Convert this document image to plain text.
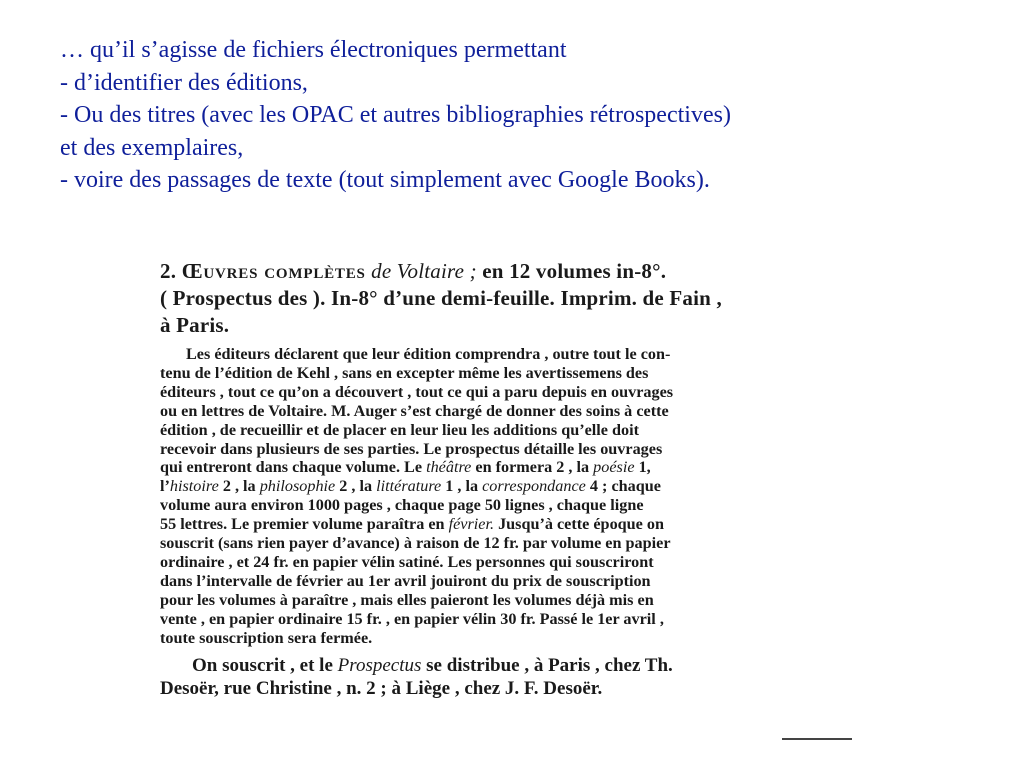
… qu’il s’agisse de fichiers électroniques permettant

- d’identifier des éditions,

- Ou des titres (avec les OPAC et autres bibliographies rétrospectives)

et des exemplaires,

- voire des passages de texte (tout simplement avec Google Books).

2. Œuvres complètes de Voltaire ; en 12 volumes in-8°.
( Prospectus des ). In-8° d’une demi-feuille. Imprim. de Fain ,
à Paris.
Les éditeurs déclarent que leur édition comprendra , outre tout le con-
tenu de l’édition de Kehl , sans en excepter même les avertissemens des
éditeurs , tout ce qu’on a découvert , tout ce qui a paru depuis en ouvrages
ou en lettres de Voltaire. M. Auger s’est chargé de donner des soins à cette
édition , de recueillir et de placer en leur lieu les additions qu’elle doit
recevoir dans plusieurs de ses parties. Le prospectus détaille les ouvrages
qui entreront dans chaque volume. Le théâtre en formera 2 , la poésie 1,
l’histoire 2 , la philosophie 2 , la littérature 1 , la correspondance 4 ; chaque
volume aura environ 1000 pages , chaque page 50 lignes , chaque ligne
55 lettres. Le premier volume paraîtra en février. Jusqu’à cette époque on
souscrit (sans rien payer d’avance) à raison de 12 fr. par volume en papier
ordinaire , et 24 fr. en papier vélin satiné. Les personnes qui souscriront
dans l’intervalle de février au 1er avril jouiront du prix de souscription
pour les volumes à paraître , mais elles paieront les volumes déjà mis en
vente , en papier ordinaire 15 fr. , en papier vélin 30 fr. Passé le 1er avril ,
toute souscription sera fermée.
On souscrit , et le Prospectus se distribue , à Paris , chez Th.
Desoër, rue Christine , n. 2 ; à Liège , chez J. F. Desoër.
